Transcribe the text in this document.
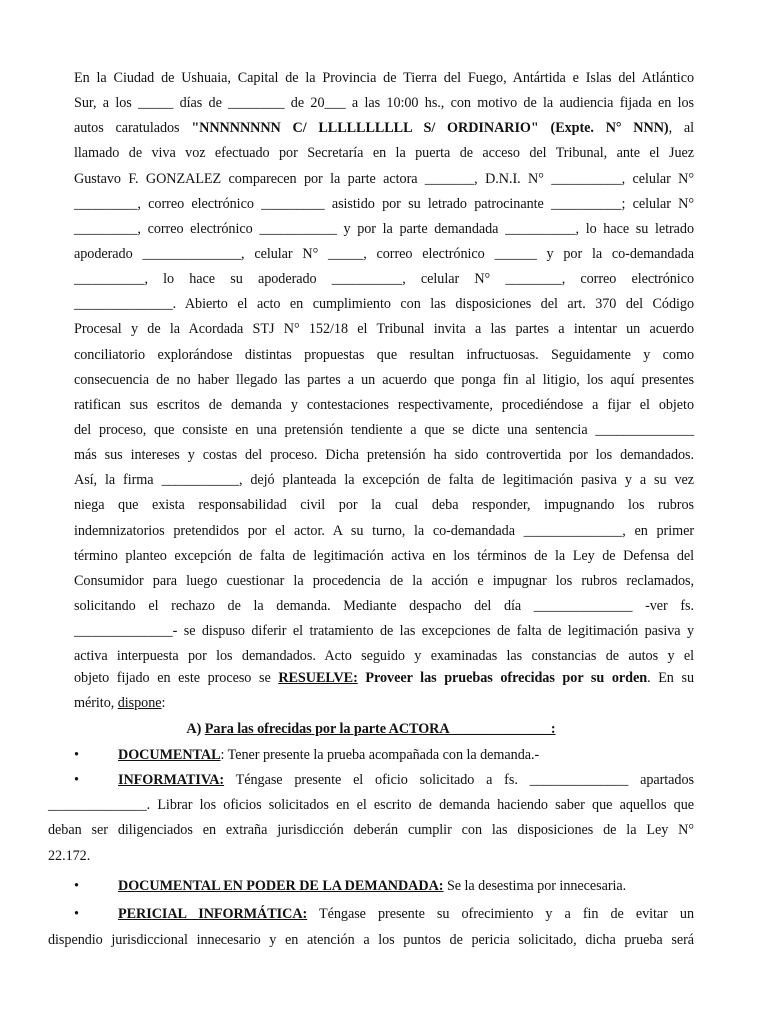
En la Ciudad de Ushuaia, Capital de la Provincia de Tierra del Fuego, Antártida e Islas del Atlántico
Sur, a los _____ días de ________ de 20___ a las 10:00 hs., con motivo de la audiencia fijada en los
autos caratulados "NNNNNNNN C/ LLLLLLLLLL S/ ORDINARIO" (Expte. N° NNN), al
llamado de viva voz efectuado por Secretaría en la puerta de acceso del Tribunal, ante el Juez
Gustavo F. GONZALEZ comparecen por la parte actora _______, D.N.I. N° __________, celular N°
_________, correo electrónico _________ asistido por su letrado patrocinante __________; celular N°
_________, correo electrónico ___________ y por la parte demandada __________, lo hace su letrado
apoderado ______________, celular N° _____, correo electrónico ______ y por la co-demandada
__________, lo hace su apoderado __________, celular N° ________, correo electrónico
______________. Abierto el acto en cumplimiento con las disposiciones del art. 370 del Código
Procesal y de la Acordada STJ N° 152/18 el Tribunal invita a las partes a intentar un acuerdo
conciliatorio explorándose distintas propuestas que resultan infructuosas. Seguidamente y como
consecuencia de no haber llegado las partes a un acuerdo que ponga fin al litigio, los aquí presentes
ratifican sus escritos de demanda y contestaciones respectivamente, procediéndose a fijar el objeto
del proceso, que consiste en una pretensión tendiente a que se dicte una sentencia ______________
más sus intereses y costas del proceso. Dicha pretensión ha sido controvertida por los demandados.
Así, la firma ___________, dejó planteada la excepción de falta de legitimación pasiva y a su vez
niega que exista responsabilidad civil por la cual deba responder, impugnando los rubros
indemnizatorios pretendidos por el actor. A su turno, la co-demandada ______________, en primer
término planteo excepción de falta de legitimación activa en los términos de la Ley de Defensa del
Consumidor para luego cuestionar la procedencia de la acción e impugnar los rubros reclamados,
solicitando el rechazo de la demanda. Mediante despacho del día ______________ -ver fs.
______________- se dispuso diferir el tratamiento de las excepciones de falta de legitimación pasiva y
activa interpuesta por los demandados. Acto seguido y examinadas las constancias de autos y el
objeto fijado en este proceso se RESUELVE: Proveer las pruebas ofrecidas por su orden. En su
mérito, dispone:
A) Para las ofrecidas por la parte ACTORA ______________:
•	DOCUMENTAL: Tener presente la prueba acompañada con la demanda.-
•	INFORMATIVA: Téngase presente el oficio solicitado a fs. ______________ apartados
______________. Librar los oficios solicitados en el escrito de demanda haciendo saber que aquellos que
deban ser diligenciados en extraña jurisdicción deberán cumplir con las disposiciones de la Ley N°
22.172.
•	DOCUMENTAL EN PODER DE LA DEMANDADA: Se la desestima por innecesaria.
•	PERICIAL INFORMÁTICA: Téngase presente su ofrecimiento y a fin de evitar un
dispendio jurisdiccional innecesario y en atención a los puntos de pericia solicitado, dicha prueba será
